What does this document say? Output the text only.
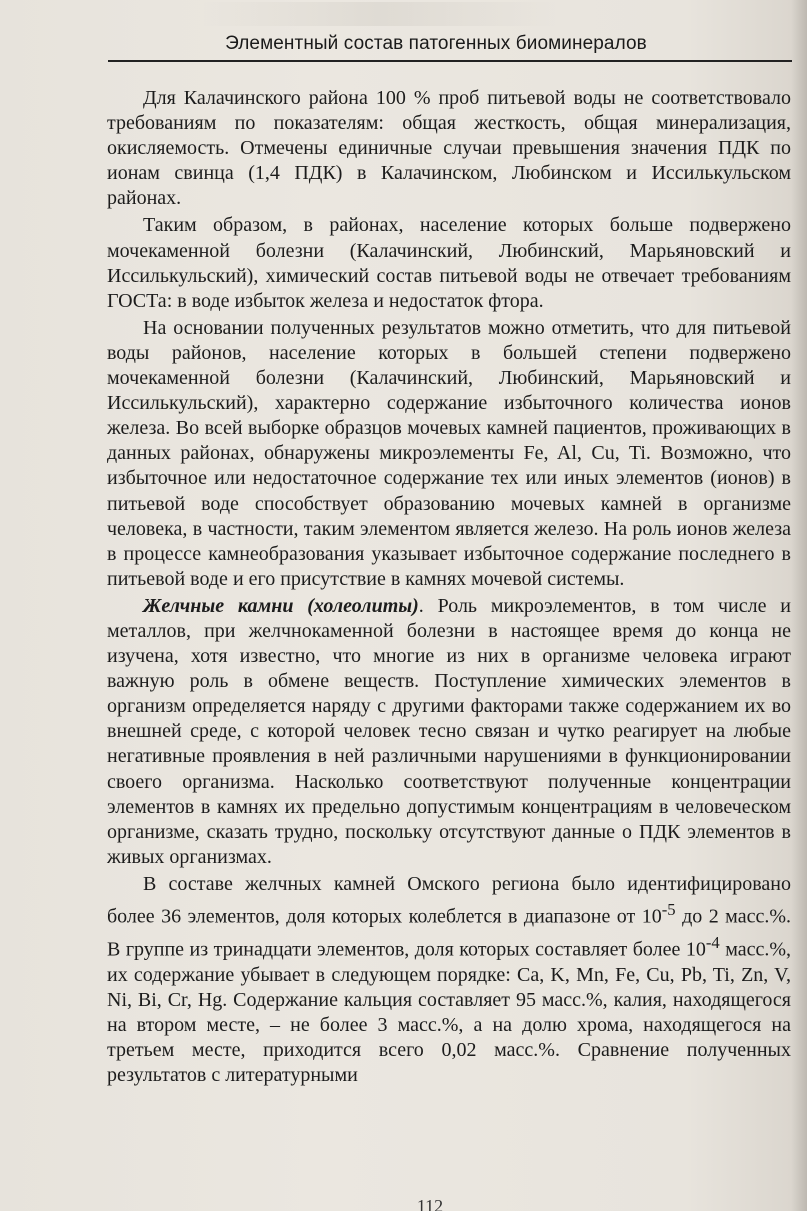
Элементный состав патогенных биоминералов

Для Калачинского района 100 % проб питьевой воды не соответствовало требованиям по показателям: общая жесткость, общая минерализация, окисляемость. Отмечены единичные случаи превышения значения ПДК по ионам свинца (1,4 ПДК) в Калачинском, Любинском и Иссилькульском районах.

Таким образом, в районах, население которых больше подвержено мочекаменной болезни (Калачинский, Любинский, Марьяновский и Иссилькульский), химический состав питьевой воды не отвечает требованиям ГОСТа: в воде избыток железа и недостаток фтора.

На основании полученных результатов можно отметить, что для питьевой воды районов, население которых в большей степени подвержено мочекаменной болезни (Калачинский, Любинский, Марьяновский и Иссилькульский), характерно содержание избыточного количества ионов железа. Во всей выборке образцов мочевых камней пациентов, проживающих в данных районах, обнаружены микроэлементы Fe, Al, Cu, Ti. Возможно, что избыточное или недостаточное содержание тех или иных элементов (ионов) в питьевой воде способствует образованию мочевых камней в организме человека, в частности, таким элементом является железо. На роль ионов железа в процессе камнеобразования указывает избыточное содержание последнего в питьевой воде и его присутствие в камнях мочевой системы.

Желчные камни (холеолиты). Роль микроэлементов, в том числе и металлов, при желчнокаменной болезни в настоящее время до конца не изучена, хотя известно, что многие из них в организме человека играют важную роль в обмене веществ. Поступление химических элементов в организм определяется наряду с другими факторами также содержанием их во внешней среде, с которой человек тесно связан и чутко реагирует на любые негативные проявления в ней различными нарушениями в функционировании своего организма. Насколько соответствуют полученные концентрации элементов в камнях их предельно допустимым концентрациям в человеческом организме, сказать трудно, поскольку отсутствуют данные о ПДК элементов в живых организмах.

В составе желчных камней Омского региона было идентифицировано более 36 элементов, доля которых колеблется в диапазоне от $10^{-5}$ до 2 масс.%. В группе из тринадцати элементов, доля которых составляет более $10^{-4}$ масс.%, их содержание убывает в следующем порядке: Ca, K, Mn, Fe, Cu, Pb, Ti, Zn, V, Ni, Bi, Cr, Hg. Содержание кальция составляет 95 масс.%, калия, находящегося на втором месте, – не более 3 масс.%, а на долю хрома, находящегося на третьем месте, приходится всего 0,02 масс.%. Сравнение полученных результатов с литературными

112
